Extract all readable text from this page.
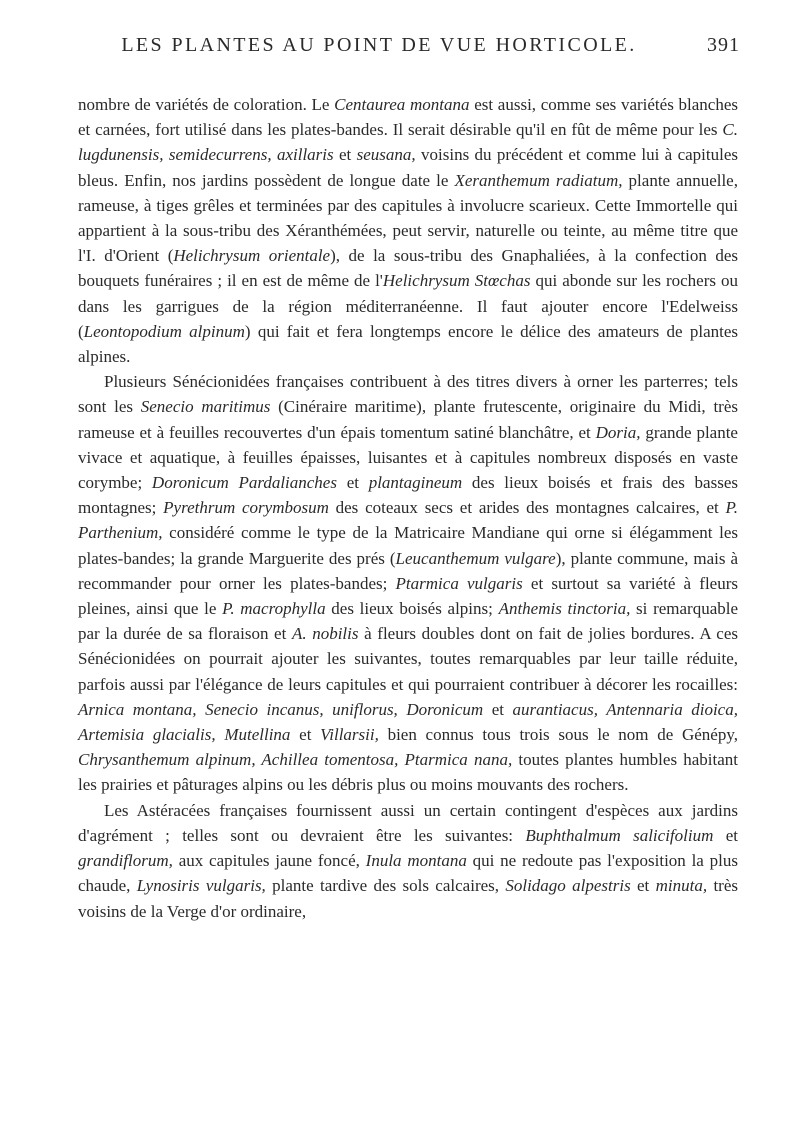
LES PLANTES AU POINT DE VUE HORTICOLE.	391

nombre de variétés de coloration. Le Centaurea montana est aussi, comme ses variétés blanches et carnées, fort utilisé dans les plates-bandes. Il serait désirable qu'il en fût de même pour les C. lugdunensis, semidecurrens, axillaris et seusana, voisins du précédent et comme lui à capitules bleus. Enfin, nos jardins possèdent de longue date le Xeranthemum radiatum, plante annuelle, rameuse, à tiges grêles et terminées par des capitules à involucre scarieux. Cette Immortelle qui appartient à la sous-tribu des Xéranthémées, peut servir, naturelle ou teinte, au même titre que l'I. d'Orient (Helichrysum orientale), de la sous-tribu des Gnaphaliées, à la confection des bouquets funéraires ; il en est de même de l'Helichrysum Stœchas qui abonde sur les rochers ou dans les garrigues de la région méditerranéenne. Il faut ajouter encore l'Edelweiss (Leontopodium alpinum) qui fait et fera longtemps encore le délice des amateurs de plantes alpines.

Plusieurs Sénécionidées françaises contribuent à des titres divers à orner les parterres; tels sont les Senecio maritimus (Cinéraire maritime), plante frutescente, originaire du Midi, très rameuse et à feuilles recouvertes d'un épais tomentum satiné blanchâtre, et Doria, grande plante vivace et aquatique, à feuilles épaisses, luisantes et à capitules nombreux disposés en vaste corymbe; Doronicum Pardalianches et plantagineum des lieux boisés et frais des basses montagnes; Pyrethrum corymbosum des coteaux secs et arides des montagnes calcaires, et P. Parthenium, considéré comme le type de la Matricaire Mandiane qui orne si élégamment les plates-bandes; la grande Marguerite des prés (Leucanthemum vulgare), plante commune, mais à recommander pour orner les plates-bandes; Ptarmica vulgaris et surtout sa variété à fleurs pleines, ainsi que le P. macrophylla des lieux boisés alpins; Anthemis tinctoria, si remarquable par la durée de sa floraison et A. nobilis à fleurs doubles dont on fait de jolies bordures. A ces Sénécionidées on pourrait ajouter les suivantes, toutes remarquables par leur taille réduite, parfois aussi par l'élégance de leurs capitules et qui pourraient contribuer à décorer les rocailles: Arnica montana, Senecio incanus, uniflorus, Doronicum et aurantiacus, Antennaria dioica, Artemisia glacialis, Mutellina et Villarsii, bien connus tous trois sous le nom de Génépy, Chrysanthemum alpinum, Achillea tomentosa, Ptarmica nana, toutes plantes humbles habitant les prairies et pâturages alpins ou les débris plus ou moins mouvants des rochers.

Les Astéracées françaises fournissent aussi un certain contingent d'espèces aux jardins d'agrément ; telles sont ou devraient être les suivantes: Buphthalmum salicifolium et grandiflorum, aux capitules jaune foncé, Inula montana qui ne redoute pas l'exposition la plus chaude, Lynosiris vulgaris, plante tardive des sols calcaires, Solidago alpestris et minuta, très voisins de la Verge d'or ordinaire,
